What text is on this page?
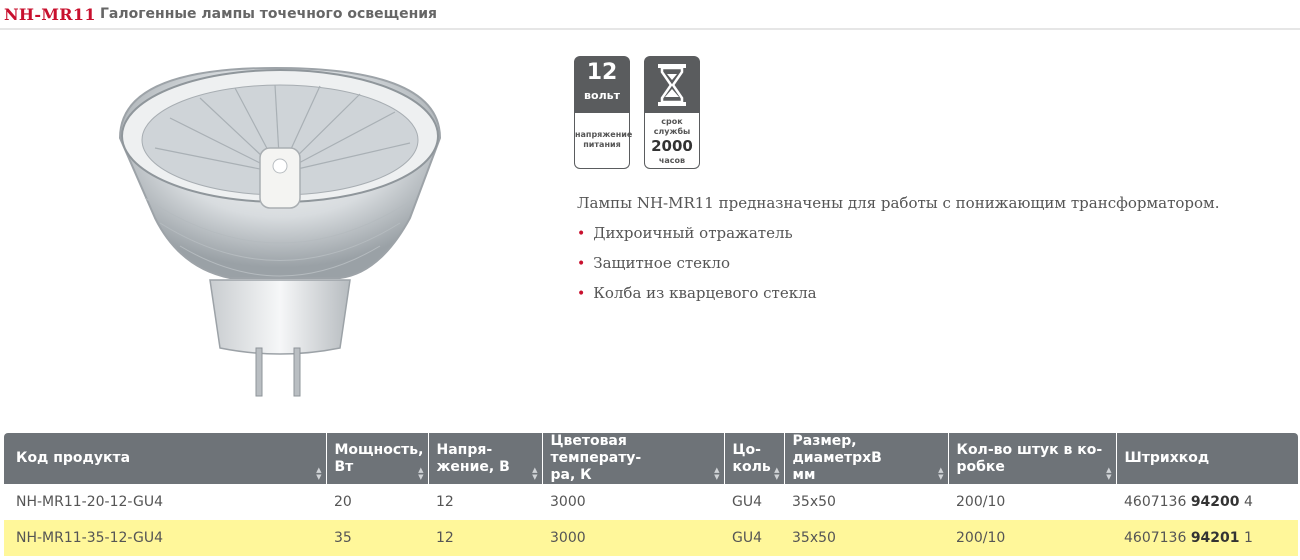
NH-MR11 Галогенные лампы точечного освещения
12
вольт
напряжение
питания
срок
службы
2000
часов
Лампы NH-MR11 предназначены для работы с понижающим трансформатором.
• Дихроичный отражатель
• Защитное стекло
• Колба из кварцевого стекла
Код продукта
▲
▼	Мощность,
Вт ▲
▼	Напря-
жение, В ▲
▼	Цветовая температу-
ра, К ▲
▼	Цо-
коль ▲
▼	Размер, диаметрхВ
мм ▲
▼	Кол-во штук в ко-
робке ▲
▼	Штрихкод
NH-MR11-20-12-GU4	20	12	3000	GU4	35x50	200/10	4607136 94200 4
NH-MR11-35-12-GU4	35	12	3000	GU4	35x50	200/10	4607136 94201 1
